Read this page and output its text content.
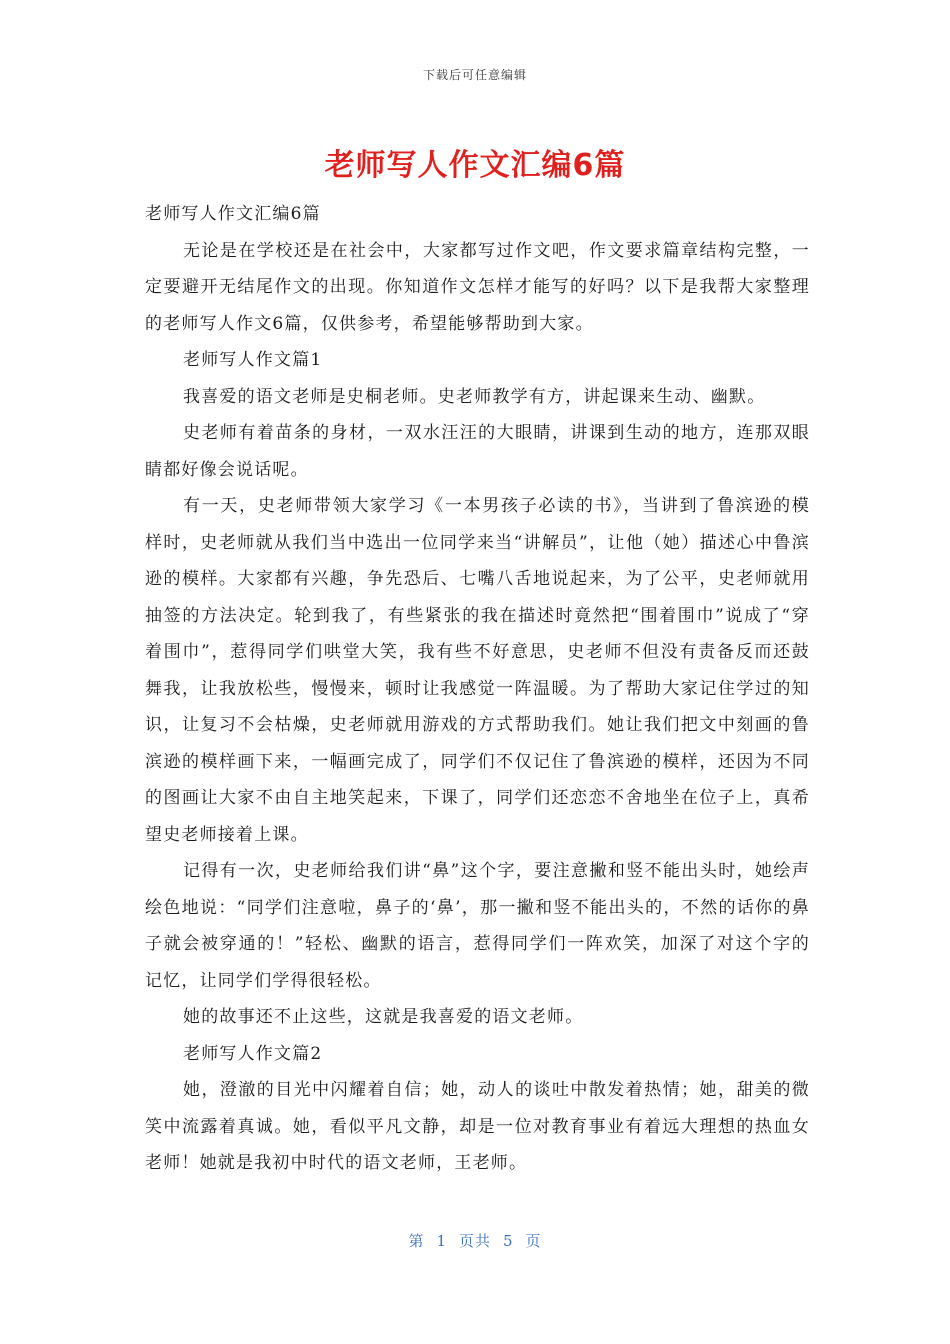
下载后可任意编辑
老师写人作文汇编6篇

老师写人作文汇编6篇

无论是在学校还是在社会中，大家都写过作文吧，作文要求篇章结构完整，一定要避开无结尾作文的出现。你知道作文怎样才能写的好吗？以下是我帮大家整理的老师写人作文6篇，仅供参考，希望能够帮助到大家。

老师写人作文篇1

我喜爱的语文老师是史桐老师。史老师教学有方，讲起课来生动、幽默。

史老师有着苗条的身材，一双水汪汪的大眼睛，讲课到生动的地方，连那双眼睛都好像会说话呢。

有一天，史老师带领大家学习《一本男孩子必读的书》，当讲到了鲁滨逊的模样时，史老师就从我们当中选出一位同学来当“讲解员”，让他（她）描述心中鲁滨逊的模样。大家都有兴趣，争先恐后、七嘴八舌地说起来，为了公平，史老师就用抽签的方法决定。轮到我了，有些紧张的我在描述时竟然把“围着围巾”说成了“穿着围巾”，惹得同学们哄堂大笑，我有些不好意思，史老师不但没有责备反而还鼓舞我，让我放松些，慢慢来，顿时让我感觉一阵温暖。为了帮助大家记住学过的知识，让复习不会枯燥，史老师就用游戏的方式帮助我们。她让我们把文中刻画的鲁滨逊的模样画下来，一幅画完成了，同学们不仅记住了鲁滨逊的模样，还因为不同的图画让大家不由自主地笑起来，下课了，同学们还恋恋不舍地坐在位子上，真希望史老师接着上课。

记得有一次，史老师给我们讲“鼻”这个字，要注意撇和竖不能出头时，她绘声绘色地说：“同学们注意啦，鼻子的‘鼻’，那一撇和竖不能出头的，不然的话你的鼻子就会被穿通的！”轻松、幽默的语言，惹得同学们一阵欢笑，加深了对这个字的记忆，让同学们学得很轻松。

她的故事还不止这些，这就是我喜爱的语文老师。

老师写人作文篇2

她，澄澈的目光中闪耀着自信；她，动人的谈吐中散发着热情；她，甜美的微笑中流露着真诚。她，看似平凡文静，却是一位对教育事业有着远大理想的热血女老师！她就是我初中时代的语文老师，王老师。

第 1 页共 5 页
